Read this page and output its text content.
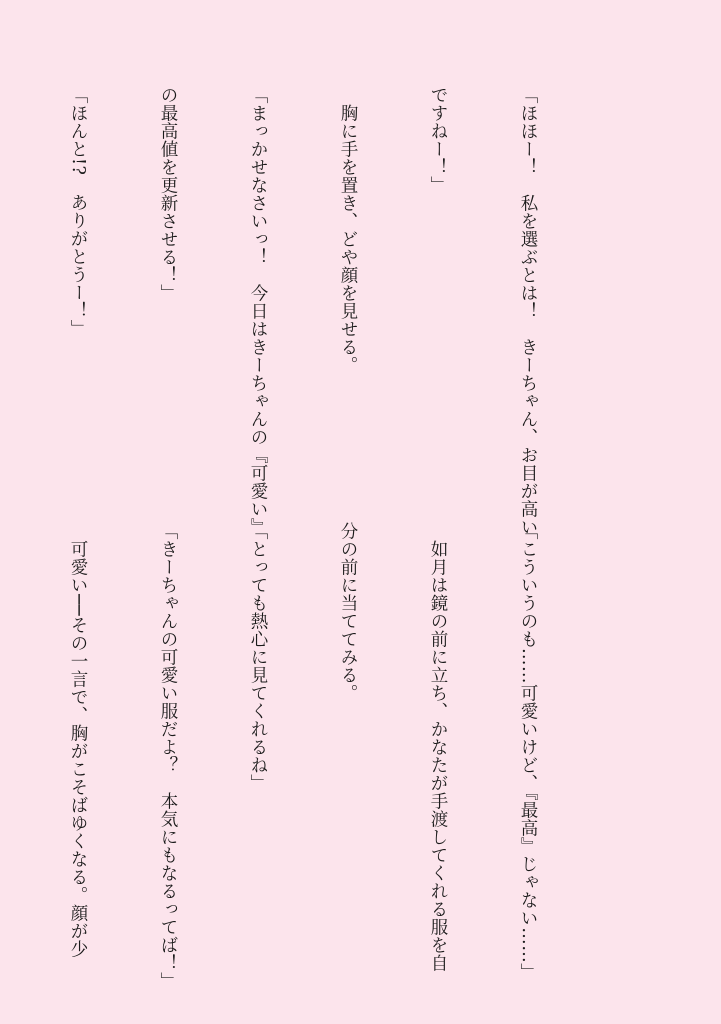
「ほほー！　私を選ぶとは！　きーちゃん、お目が高い

ですねー！」

　胸に手を置き、どや顔を見せる。

「まっかせなさいっ！　今日はきーちゃんの『可愛い』

の最高値を更新させる！」

「ほんと!?　ありがとうー！」

「こういうのも……可愛いけど、『最高』じゃない……」

　如月は鏡の前に立ち、かなたが手渡してくれる服を自

分の前に当ててみる。

「とっても熱心に見てくれるね」

「きーちゃんの可愛い服だよ？　本気にもなるってば！」

　可愛い──その一言で、胸がこそばゆくなる。顔が少
